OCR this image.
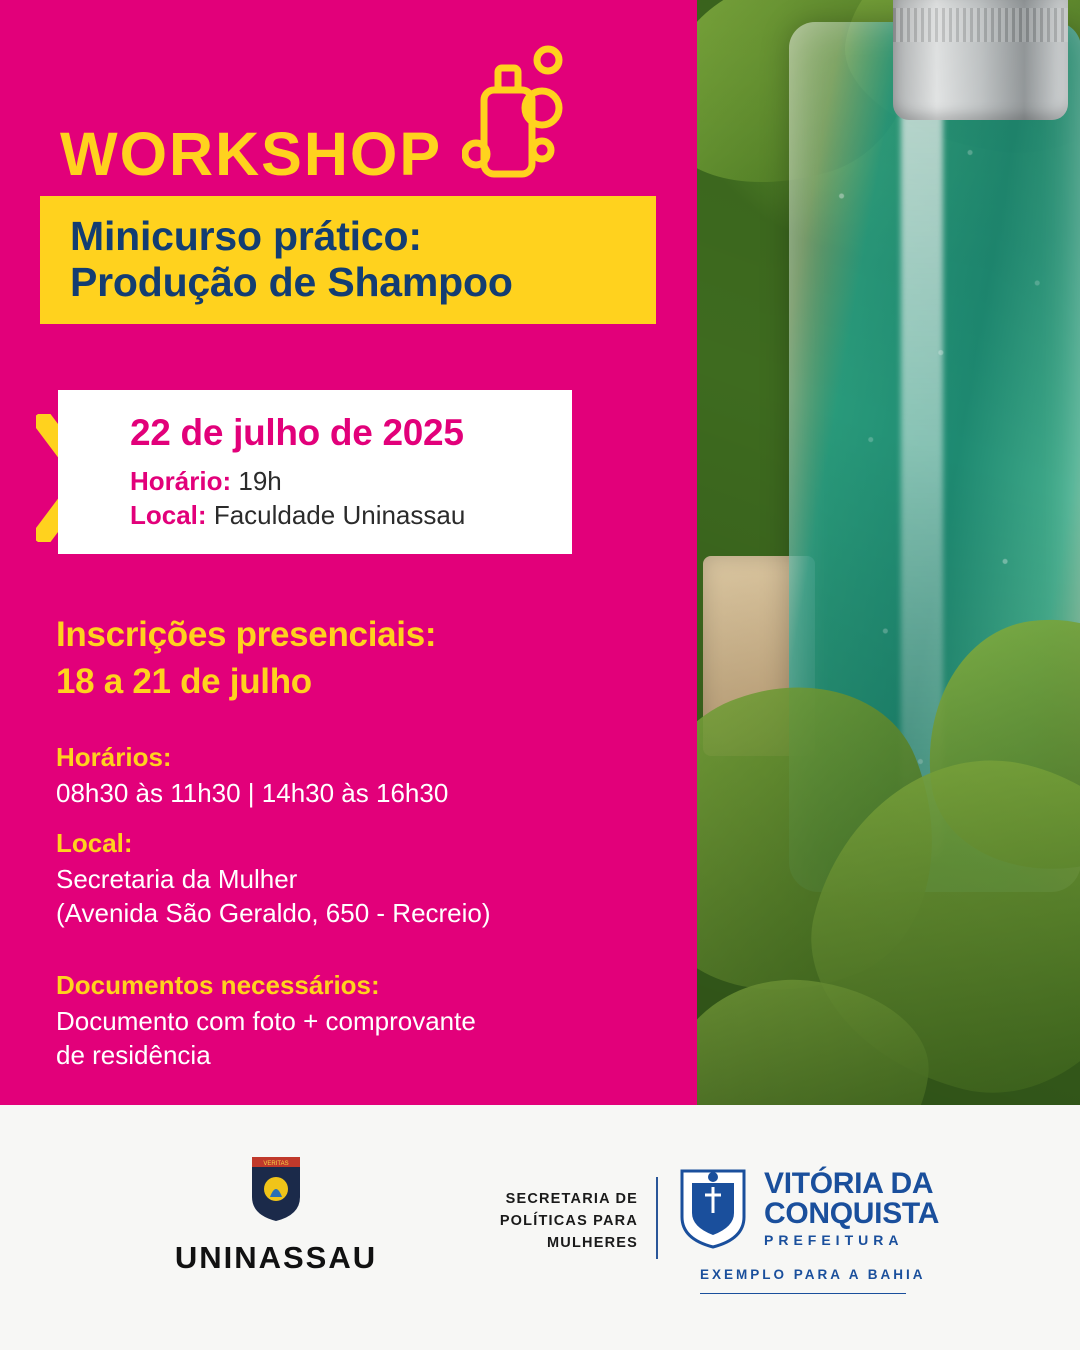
WORKSHOP
Minicurso prático:
Produção de Shampoo
22 de julho de 2025
Horário: 19h
Local: Faculdade Uninassau
Inscrições presenciais:
18 a 21 de julho
Horários:
08h30 às 11h30 | 14h30 às 16h30
Local:
Secretaria da Mulher
(Avenida São Geraldo, 650 - Recreio)
Documentos necessários:
Documento com foto + comprovante
de residência
VERITAS
UNINASSAU
SECRETARIA DE
POLÍTICAS PARA MULHERES
VITÓRIA DA
CONQUISTA
PREFEITURA
EXEMPLO PARA A BAHIA
